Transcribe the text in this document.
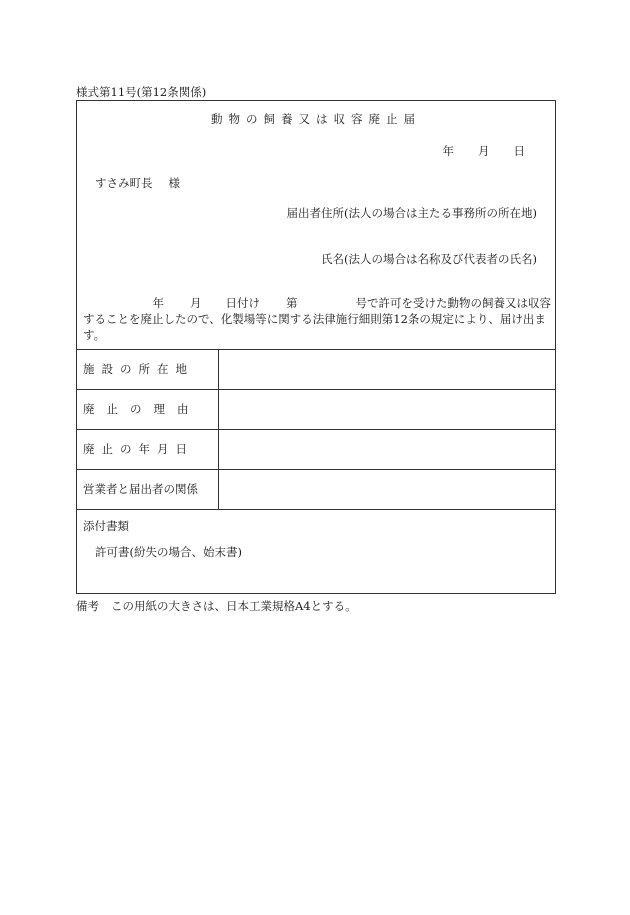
様式第11号(第12条関係)
動物の飼養又は収容廃止届
年 月 日
すさみ町長 様
届出者住所(法人の場合は主たる事務所の所在地)
氏名(法人の場合は名称及び代表者の氏名)
年 月 日付け 第	号で許可を受けた動物の飼養又は収容
することを廃止したので、化製場等に関する法律施行細則第12条の規定により、届け出ま
す。
施設の所在地
廃止の理由
廃止の年月日
営業者と届出者の関係
添付書類
許可書(紛失の場合、始末書)
備考 この用紙の大きさは、日本工業規格A4とする。
